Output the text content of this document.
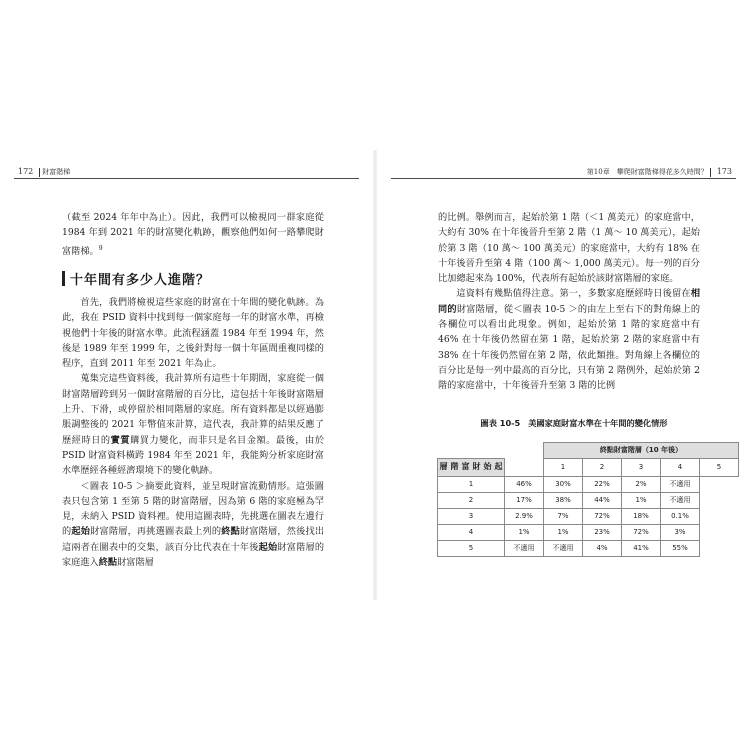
172 財富階梯

（截至 2024 年年中為止）。因此，我們可以檢視同一群家庭從 1984 年到 2021 年的財富變化軌跡，觀察他們如何一路攀爬財富階梯。$^9$

十年間有多少人進階？

首先，我們將檢視這些家庭的財富在十年間的變化軌跡。為此，我在 PSID 資料中找到每一個家庭每一年的財富水準，再檢視他們十年後的財富水準。此流程涵蓋 1984 年至 1994 年，然後是 1989 年至 1999 年，之後針對每一個十年區間重複同樣的程序，直到 2011 年至 2021 年為止。

蒐集完這些資料後，我計算所有這些十年期間，家庭從一個財富階層跨到另一個財富階層的百分比，這包括十年後財富階層上升、下滑，或停留於相同階層的家庭。所有資料都是以經過膨脹調整後的 2021 年幣值來計算，這代表，我計算的結果反應了歷經時日的實質購買力變化，而非只是名目金額。最後，由於 PSID 財富資料橫跨 1984 年至 2021 年，我能夠分析家庭財富水準歷經各種經濟環境下的變化軌跡。

＜圖表 10-5 ＞摘要此資料，並呈現財富流動情形。這張圖表只包含第 1 至第 5 階的財富階層，因為第 6 階的家庭極為罕見，未納入 PSID 資料裡。使用這圖表時，先挑選在圖表左邊行的起始財富階層，再挑選圖表最上列的終點財富階層，然後找出這兩者在圖表中的交集，該百分比代表在十年後起始財富階層的家庭進入終點財富階層

第10章　攀爬財富階梯得花多久時間？ 173

的比例。舉例而言，起始於第 1 階（＜1 萬美元）的家庭當中，大約有 30% 在十年後晉升至第 2 階（1 萬～ 10 萬美元），起始於第 3 階（10 萬～ 100 萬美元）的家庭當中，大約有 18% 在十年後晉升至第 4 階（100 萬～ 1,000 萬美元）。每一列的百分比加總起來為 100%，代表所有起始於該財富階層的家庭。

這資料有幾點值得注意。第一，多數家庭歷經時日後留在相同的財富階層，從＜圖表 10-5 ＞的由左上至右下的對角線上的各欄位可以看出此現象。例如，起始於第 1 階的家庭當中有 46% 在十年後仍然留在第 1 階，起始於第 2 階的家庭當中有 38% 在十年後仍然留在第 2 階，依此類推。對角線上各欄位的百分比是每一列中最高的百分比，只有第 2 階例外，起始於第 2 階的家庭當中，十年後晉升至第 3 階的比例

圖表 10-5 美國家庭財富水準在十年間的變化情形
		終點財富階層（10 年後）				
起始財富階層		1	2	3	4	5
1	46%	30%	22%	2%	不適用	
2	17%	38%	44%	1%	不適用	
3	2.9%	7%	72%	18%	0.1%	
4	1%	1%	23%	72%	3%	
5	不適用	不適用	4%	41%	55%	
